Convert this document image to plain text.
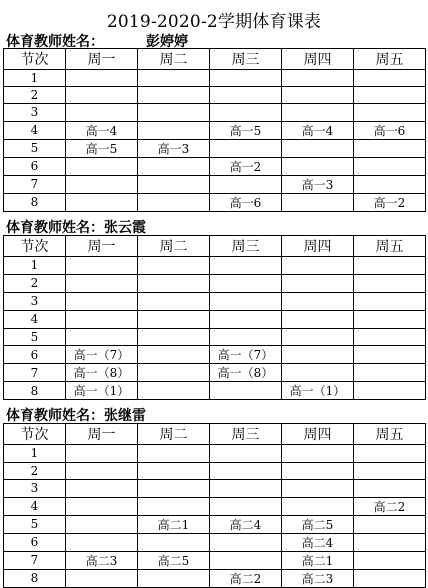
2019-2020-2学期体育课表
体育教师姓名：	彭婷婷
节次	周一	周二	周三	周四	周五
1					
2					
3					
4	高一4		高一5	高一4	高一6
5	高一5	高一3			
6			高一2		
7				高一3	
8			高一6		高一2
体育教师姓名：张云霞
节次	周一	周二	周三	周四	周五
1					
2					
3					
4					
5					
6	高一（7）		高一（7）		
7	高一（8）		高一（8）		
8	高一（1）			高一（1）	
体育教师姓名：张继雷
节次	周一	周二	周三	周四	周五
1					
2					
3					
4					高二2
5		高二1	高二4	高二5	
6				高二4	
7	高二3	高二5		高二1	
8			高二2	高二3	
